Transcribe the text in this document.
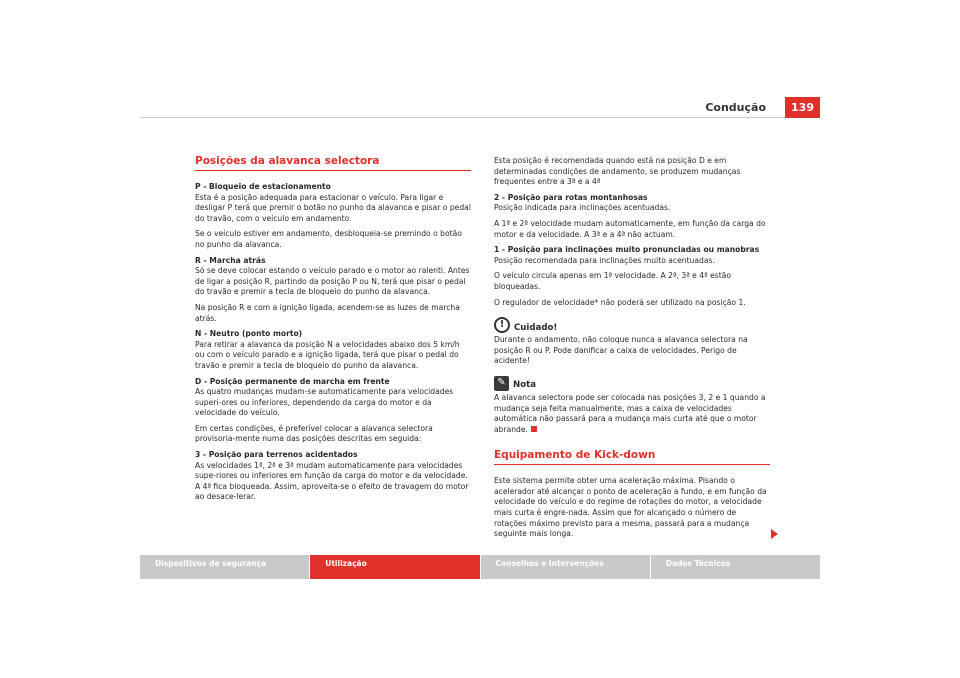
Condução	139
Posições da alavanca selectora
P - Bloqueio de estacionamento

Esta é a posição adequada para estacionar o veículo. Para ligar e desligar P terá que premir o botão no punho da alavanca e pisar o pedal do travão, com o veículo em andamento.

Se o veículo estiver em andamento, desbloqueia-se premindo o botão no punho da alavanca.

R - Marcha atrás

Só se deve colocar estando o veículo parado e o motor ao ralenti. Antes de ligar a posição R, partindo da posição P ou N, terá que pisar o pedal do travão e premir a tecla de bloqueio do punho da alavanca.

Na posição R e com a ignição ligada, acendem-se as luzes de marcha atrás.

N - Neutro (ponto morto)

Para retirar a alavanca da posição N a velocidades abaixo dos 5 km/h ou com o veículo parado e a ignição ligada, terá que pisar o pedal do travão e premir a tecla de bloqueio do punho da alavanca.

D - Posição permanente de marcha em frente

As quatro mudanças mudam-se automaticamente para velocidades superi-ores ou inferiores, dependendo da carga do motor e da velocidade do veículo.

Em certas condições, é preferível colocar a alavanca selectora provisoria-mente numa das posições descritas em seguida:

3 - Posição para terrenos acidentados

As velocidades 1ª, 2ª e 3ª mudam automaticamente para velocidades supe-riores ou inferiores em função da carga do motor e da velocidade. A 4ª fica bloqueada. Assim, aproveita-se o efeito de travagem do motor ao desace-lerar.

Esta posição é recomendada quando está na posição D e em determinadas condições de andamento, se produzem mudanças frequentes entre a 3ª e a 4ª

2 - Posição para rotas montanhosas

Posição indicada para inclinações acentuadas.

A 1ª e 2ª velocidade mudam automaticamente, em função da carga do motor e da velocidade. A 3ª e a 4ª não actuam.

1 - Posição para inclinações muito pronunciadas ou manobras

Posição recomendada para inclinações muito acentuadas.

O veículo circula apenas em 1ª velocidade. A 2ª, 3ª e 4ª estão bloqueadas.

O regulador de velocidade* não poderá ser utilizado na posição 1.

!	Cuidado!

Durante o andamento, não coloque nunca a alavanca selectora na posição R ou P. Pode danificar a caixa de velocidades. Perigo de acidente!

✎ Nota

A alavanca selectora pode ser colocada nas posições 3, 2 e 1 quando a mudança seja feita manualmente, mas a caixa de velocidades automática não passará para a mudança mais curta até que o motor abrande.

Equipamento de Kick-down

Este sistema permite obter uma aceleração máxima. Pisando o acelerador até alcançar o ponto de aceleração a fundo, e em função da velocidade do veículo e do regime de rotações do motor, a velocidade mais curta é engre-nada. Assim que for alcançado o número de rotações máximo previsto para a mesma, passará para a mudança seguinte mais longa.

Dispositivos de segurança	Utilização	Conselhos e Intervenções	Dados Técnicos
